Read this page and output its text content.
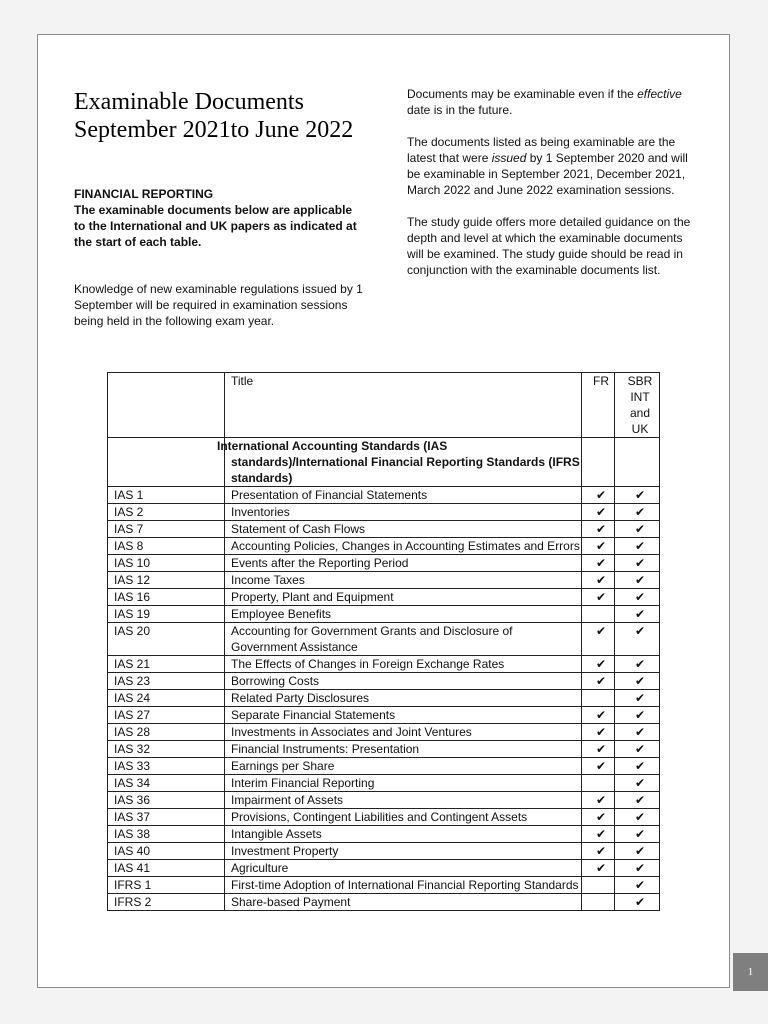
Examinable Documents September 2021to June 2022
FINANCIAL REPORTING
The examinable documents below are applicable to the International and UK papers as indicated at the start of each table.

Knowledge of new examinable regulations issued by 1 September will be required in examination sessions being held in the following exam year.

Documents may be examinable even if the effective date is in the future.

The documents listed as being examinable are the latest that were issued by 1 September 2020 and will be examinable in September 2021, December 2021, March 2022 and June 2022 examination sessions.

The study guide offers more detailed guidance on the depth and level at which the examinable documents will be examined. The study guide should be read in conjunction with the examinable documents list.

	Title	FR	SBR
INT
and
UK

	International Accounting Standards (IAS standards)/International Financial Reporting Standards (IFRS standards)		
IAS 1	Presentation of Financial Statements	✔	✔
IAS 2	Inventories	✔	✔
IAS 7	Statement of Cash Flows	✔	✔
IAS 8	Accounting Policies, Changes in Accounting Estimates and Errors	✔	✔
IAS 10	Events after the Reporting Period	✔	✔
IAS 12	Income Taxes	✔	✔
IAS 16	Property, Plant and Equipment	✔	✔
IAS 19	Employee Benefits		✔
IAS 20	Accounting for Government Grants and Disclosure of Government Assistance	✔	✔
IAS 21	The Effects of Changes in Foreign Exchange Rates	✔	✔
IAS 23	Borrowing Costs	✔	✔
IAS 24	Related Party Disclosures		✔
IAS 27	Separate Financial Statements	✔	✔
IAS 28	Investments in Associates and Joint Ventures	✔	✔
IAS 32	Financial Instruments: Presentation	✔	✔
IAS 33	Earnings per Share	✔	✔
IAS 34	Interim Financial Reporting		✔
IAS 36	Impairment of Assets	✔	✔
IAS 37	Provisions, Contingent Liabilities and Contingent Assets	✔	✔
IAS 38	Intangible Assets	✔	✔
IAS 40	Investment Property	✔	✔
IAS 41	Agriculture	✔	✔
IFRS 1	First-time Adoption of International Financial Reporting Standards		✔
IFRS 2	Share-based Payment		✔
1
